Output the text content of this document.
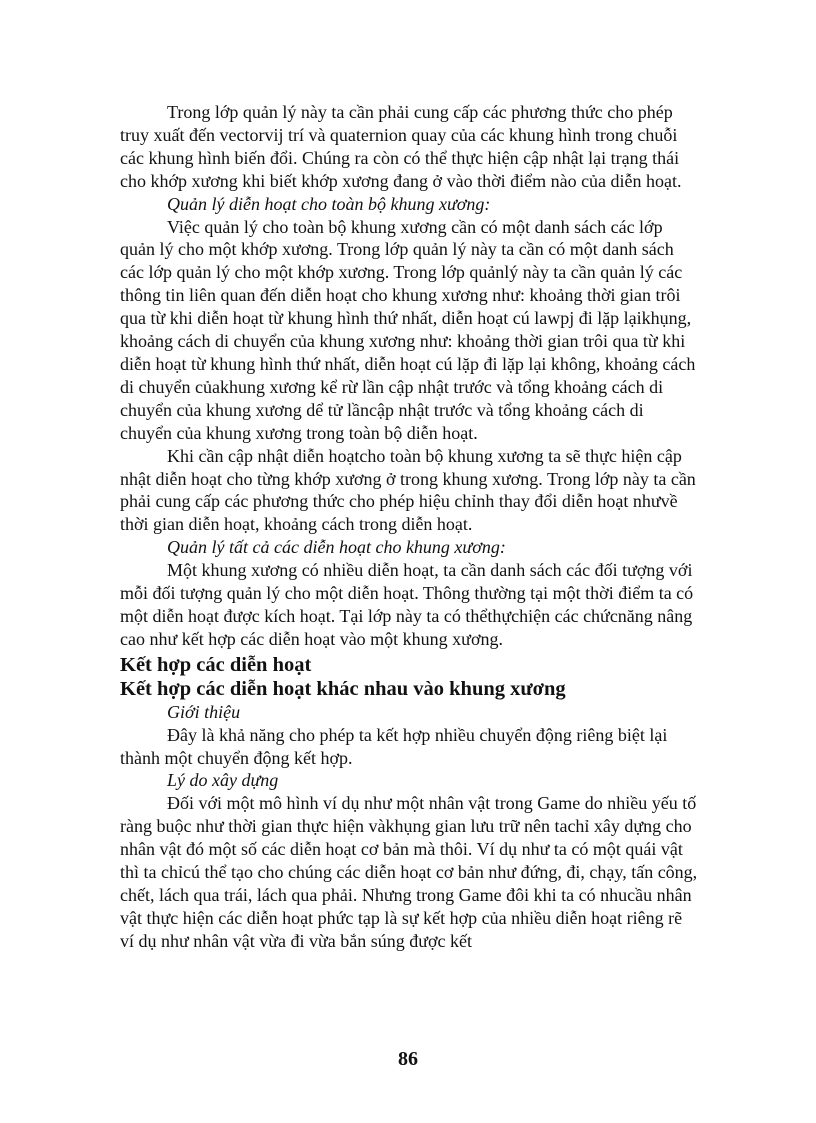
Trong lớp quản lý này ta cần phải cung cấp các phương thức cho phép truy xuất đến vectorvij trí và quaternion quay của các khung hình trong chuỗi các khung hình biến đổi. Chúng ra còn có thể thực hiện cập nhật lại trạng thái cho khớp xương khi biết khớp xương đang ở vào thời điểm nào của diễn hoạt.

Quản lý diễn hoạt cho toàn bộ khung xương:

Việc quản lý cho toàn bộ khung xương cần có một danh sách các lớp quản lý cho một khớp xương. Trong lớp quản lý này ta cần có một danh sách các lớp quản lý cho một khớp xương. Trong lớp quảnlý này ta cần quản lý các thông tin liên quan đến diễn hoạt cho khung xương như: khoảng thời gian trôi qua từ khi diễn hoạt từ khung hình thứ nhất, diễn hoạt cú lawpj đi lặp lạikhụng, khoảng cách di chuyển của khung xương như: khoảng thời gian trôi qua từ khi diễn hoạt từ khung hình thứ nhất, diễn hoạt cú lặp đi lặp lại không, khoảng cách di chuyển củakhung xương kể rừ lần cập nhật trước và tổng khoảng cách di chuyển của khung xương dể tử lầncập nhật trước và tổng khoảng cách di chuyển của khung xương trong toàn bộ diễn hoạt.

Khi cần cập nhật diễn hoạtcho toàn bộ khung xương ta sẽ thực hiện cập nhật diễn hoạt cho từng khớp xương ở trong khung xương. Trong lớp này ta cần phải cung cấp các phương thức cho phép hiệu chỉnh thay đổi diễn hoạt nhưvề thời gian diễn hoạt, khoảng cách trong diễn hoạt.

Quản lý tất cả các diễn hoạt cho khung xương:

Một khung xương có nhiều diễn hoạt, ta cần danh sách các đối tượng với mỗi đối tượng quản lý cho một diễn hoạt. Thông thường tại một thời điểm ta có một diễn hoạt được kích hoạt. Tại lớp này ta có thểthựchiện các chứcnăng nâng cao như kết hợp các diễn hoạt vào một khung xương.

Kết hợp các diễn hoạt
Kết hợp các diễn hoạt khác nhau vào khung xương

Giới thiệu

Đây là khả năng cho phép ta kết hợp nhiều chuyển động riêng biệt lại thành một chuyển động kết hợp.

Lý do xây dựng

Đối với một mô hình ví dụ như một nhân vật trong Game do nhiều yếu tố ràng buộc như thời gian thực hiện vàkhụng gian lưu trữ nên tachỉ xây dựng cho nhân vật đó một số các diễn hoạt cơ bản mà thôi. Ví dụ như ta có một quái vật thì ta chỉcú thể tạo cho chúng các diễn hoạt cơ bản như đứng, đi, chạy, tấn công, chết, lách qua trái, lách qua phải. Nhưng trong Game đôi khi ta có nhucầu nhân vật thực hiện các diễn hoạt phức tạp là sự kết hợp của nhiều diễn hoạt riêng rẽ ví dụ như nhân vật vừa đi vừa bắn súng được kết

86
